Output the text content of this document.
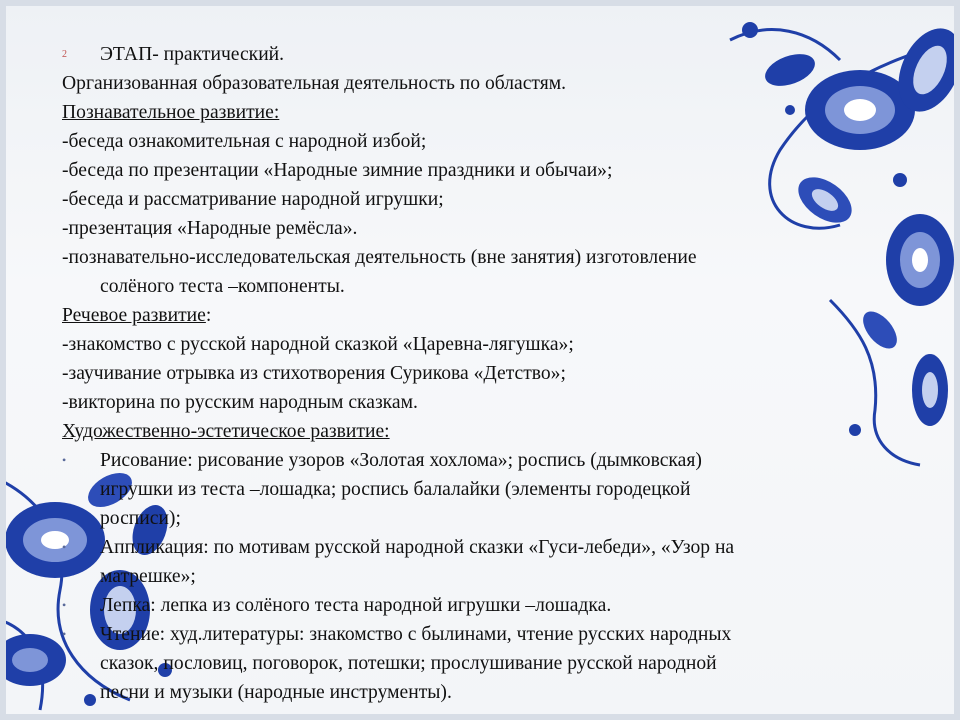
2	ЭТАП- практический.
Организованная образовательная деятельность по областям.
Познавательное развитие:
-беседа ознакомительная с народной избой;
-беседа по презентации «Народные зимние праздники и обычаи»;
-беседа и рассматривание народной игрушки;
-презентация «Народные ремёсла».
-познавательно-исследовательская деятельность (вне занятия) изготовление
солёного теста –компоненты.
Речевое развитие:
-знакомство с русской народной сказкой «Царевна-лягушка»;
-заучивание отрывка из стихотворения Сурикова «Детство»;
-викторина по русским народным сказкам.
Художественно-эстетическое развитие:
•	Рисование: рисование узоров «Золотая хохлома»; роспись (дымковская)
игрушки из теста –лошадка; роспись балалайки (элементы городецкой
росписи);
•	Аппликация: по мотивам русской народной сказки «Гуси-лебеди», «Узор на
матрешке»;
•	Лепка: лепка из солёного теста народной игрушки –лошадка.
•	Чтение: худ.литературы: знакомство с былинами, чтение русских народных
сказок, пословиц, поговорок, потешки; прослушивание русской народной
песни и музыки (народные инструменты).
